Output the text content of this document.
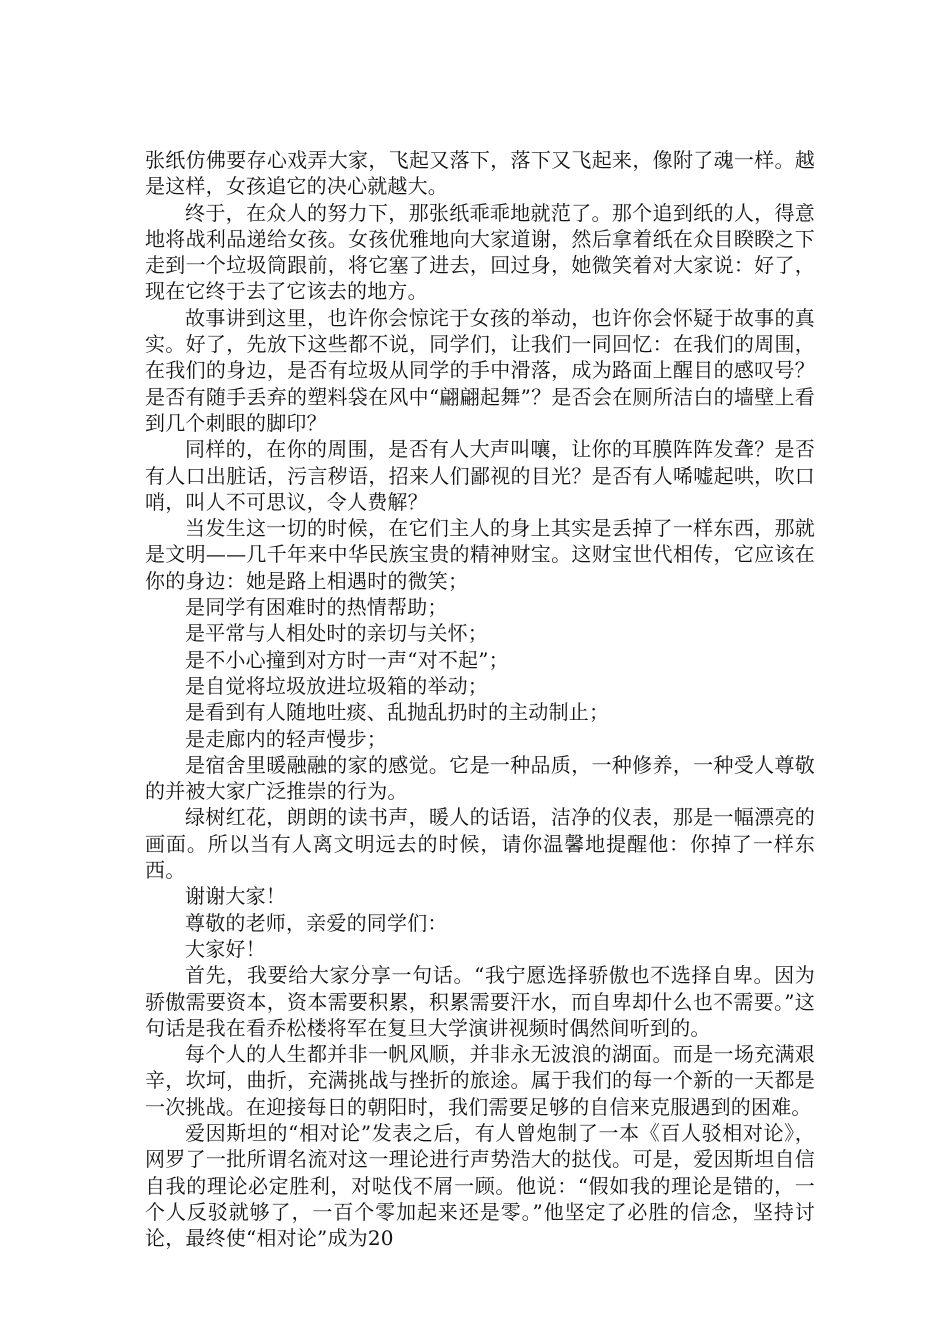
张纸仿佛要存心戏弄大家，飞起又落下，落下又飞起来，像附了魂一样。越是这样，女孩追它的决心就越大。

终于，在众人的努力下，那张纸乖乖地就范了。那个追到纸的人，得意地将战利品递给女孩。女孩优雅地向大家道谢，然后拿着纸在众目睽睽之下走到一个垃圾筒跟前，将它塞了进去，回过身，她微笑着对大家说：好了，现在它终于去了它该去的地方。

故事讲到这里，也许你会惊诧于女孩的举动，也许你会怀疑于故事的真实。好了，先放下这些都不说，同学们，让我们一同回忆：在我们的周围，在我们的身边，是否有垃圾从同学的手中滑落，成为路面上醒目的感叹号？是否有随手丢弃的塑料袋在风中“翩翩起舞”？是否会在厕所洁白的墙壁上看到几个刺眼的脚印？

同样的，在你的周围，是否有人大声叫嚷，让你的耳膜阵阵发聋？是否有人口出脏话，污言秽语，招来人们鄙视的目光？是否有人唏嘘起哄，吹口哨，叫人不可思议，令人费解？

当发生这一切的时候，在它们主人的身上其实是丢掉了一样东西，那就是文明——几千年来中华民族宝贵的精神财宝。这财宝世代相传，它应该在你的身边：她是路上相遇时的微笑；

是同学有困难时的热情帮助；

是平常与人相处时的亲切与关怀；

是不小心撞到对方时一声“对不起”；

是自觉将垃圾放进垃圾箱的举动；

是看到有人随地吐痰、乱抛乱扔时的主动制止；

是走廊内的轻声慢步；

是宿舍里暖融融的家的感觉。它是一种品质，一种修养，一种受人尊敬的并被大家广泛推崇的行为。

绿树红花，朗朗的读书声，暖人的话语，洁净的仪表，那是一幅漂亮的画面。所以当有人离文明远去的时候，请你温馨地提醒他：你掉了一样东西。

谢谢大家！

尊敬的老师，亲爱的同学们：

大家好！

首先，我要给大家分享一句话。“我宁愿选择骄傲也不选择自卑。因为骄傲需要资本，资本需要积累，积累需要汗水，而自卑却什么也不需要。”这句话是我在看乔松楼将军在复旦大学演讲视频时偶然间听到的。

每个人的人生都并非一帆风顺，并非永无波浪的湖面。而是一场充满艰辛，坎坷，曲折，充满挑战与挫折的旅途。属于我们的每一个新的一天都是一次挑战。在迎接每日的朝阳时，我们需要足够的自信来克服遇到的困难。

爱因斯坦的“相对论”发表之后，有人曾炮制了一本《百人驳相对论》，网罗了一批所谓名流对这一理论进行声势浩大的挞伐。可是，爱因斯坦自信自我的理论必定胜利，对哒伐不屑一顾。他说：“假如我的理论是错的，一个人反驳就够了，一百个零加起来还是零。”他坚定了必胜的信念，坚持讨论，最终使“相对论”成为20
